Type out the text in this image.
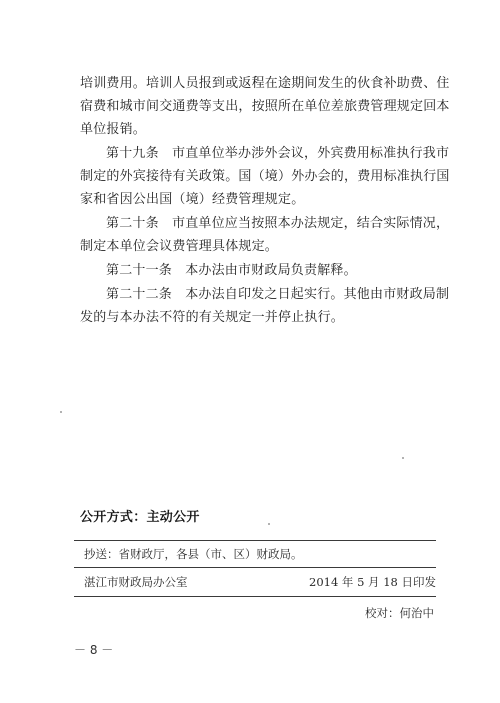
培训费用。培训人员报到或返程在途期间发生的伙食补助费、住宿费和城市间交通费等支出，按照所在单位差旅费管理规定回本单位报销。

第十九条　市直单位举办涉外会议，外宾费用标准执行我市制定的外宾接待有关政策。国（境）外办会的，费用标准执行国家和省因公出国（境）经费管理规定。

第二十条　市直单位应当按照本办法规定，结合实际情况，制定本单位会议费管理具体规定。

第二十一条　本办法由市财政局负责解释。

第二十二条　本办法自印发之日起实行。其他由市财政局制发的与本办法不符的有关规定一并停止执行。

公开方式：主动公开
抄送：省财政厅，各县（市、区）财政局。
湛江市财政局办公室	2014 年 5 月 18 日印发
校对：何治中
－ 8 －
